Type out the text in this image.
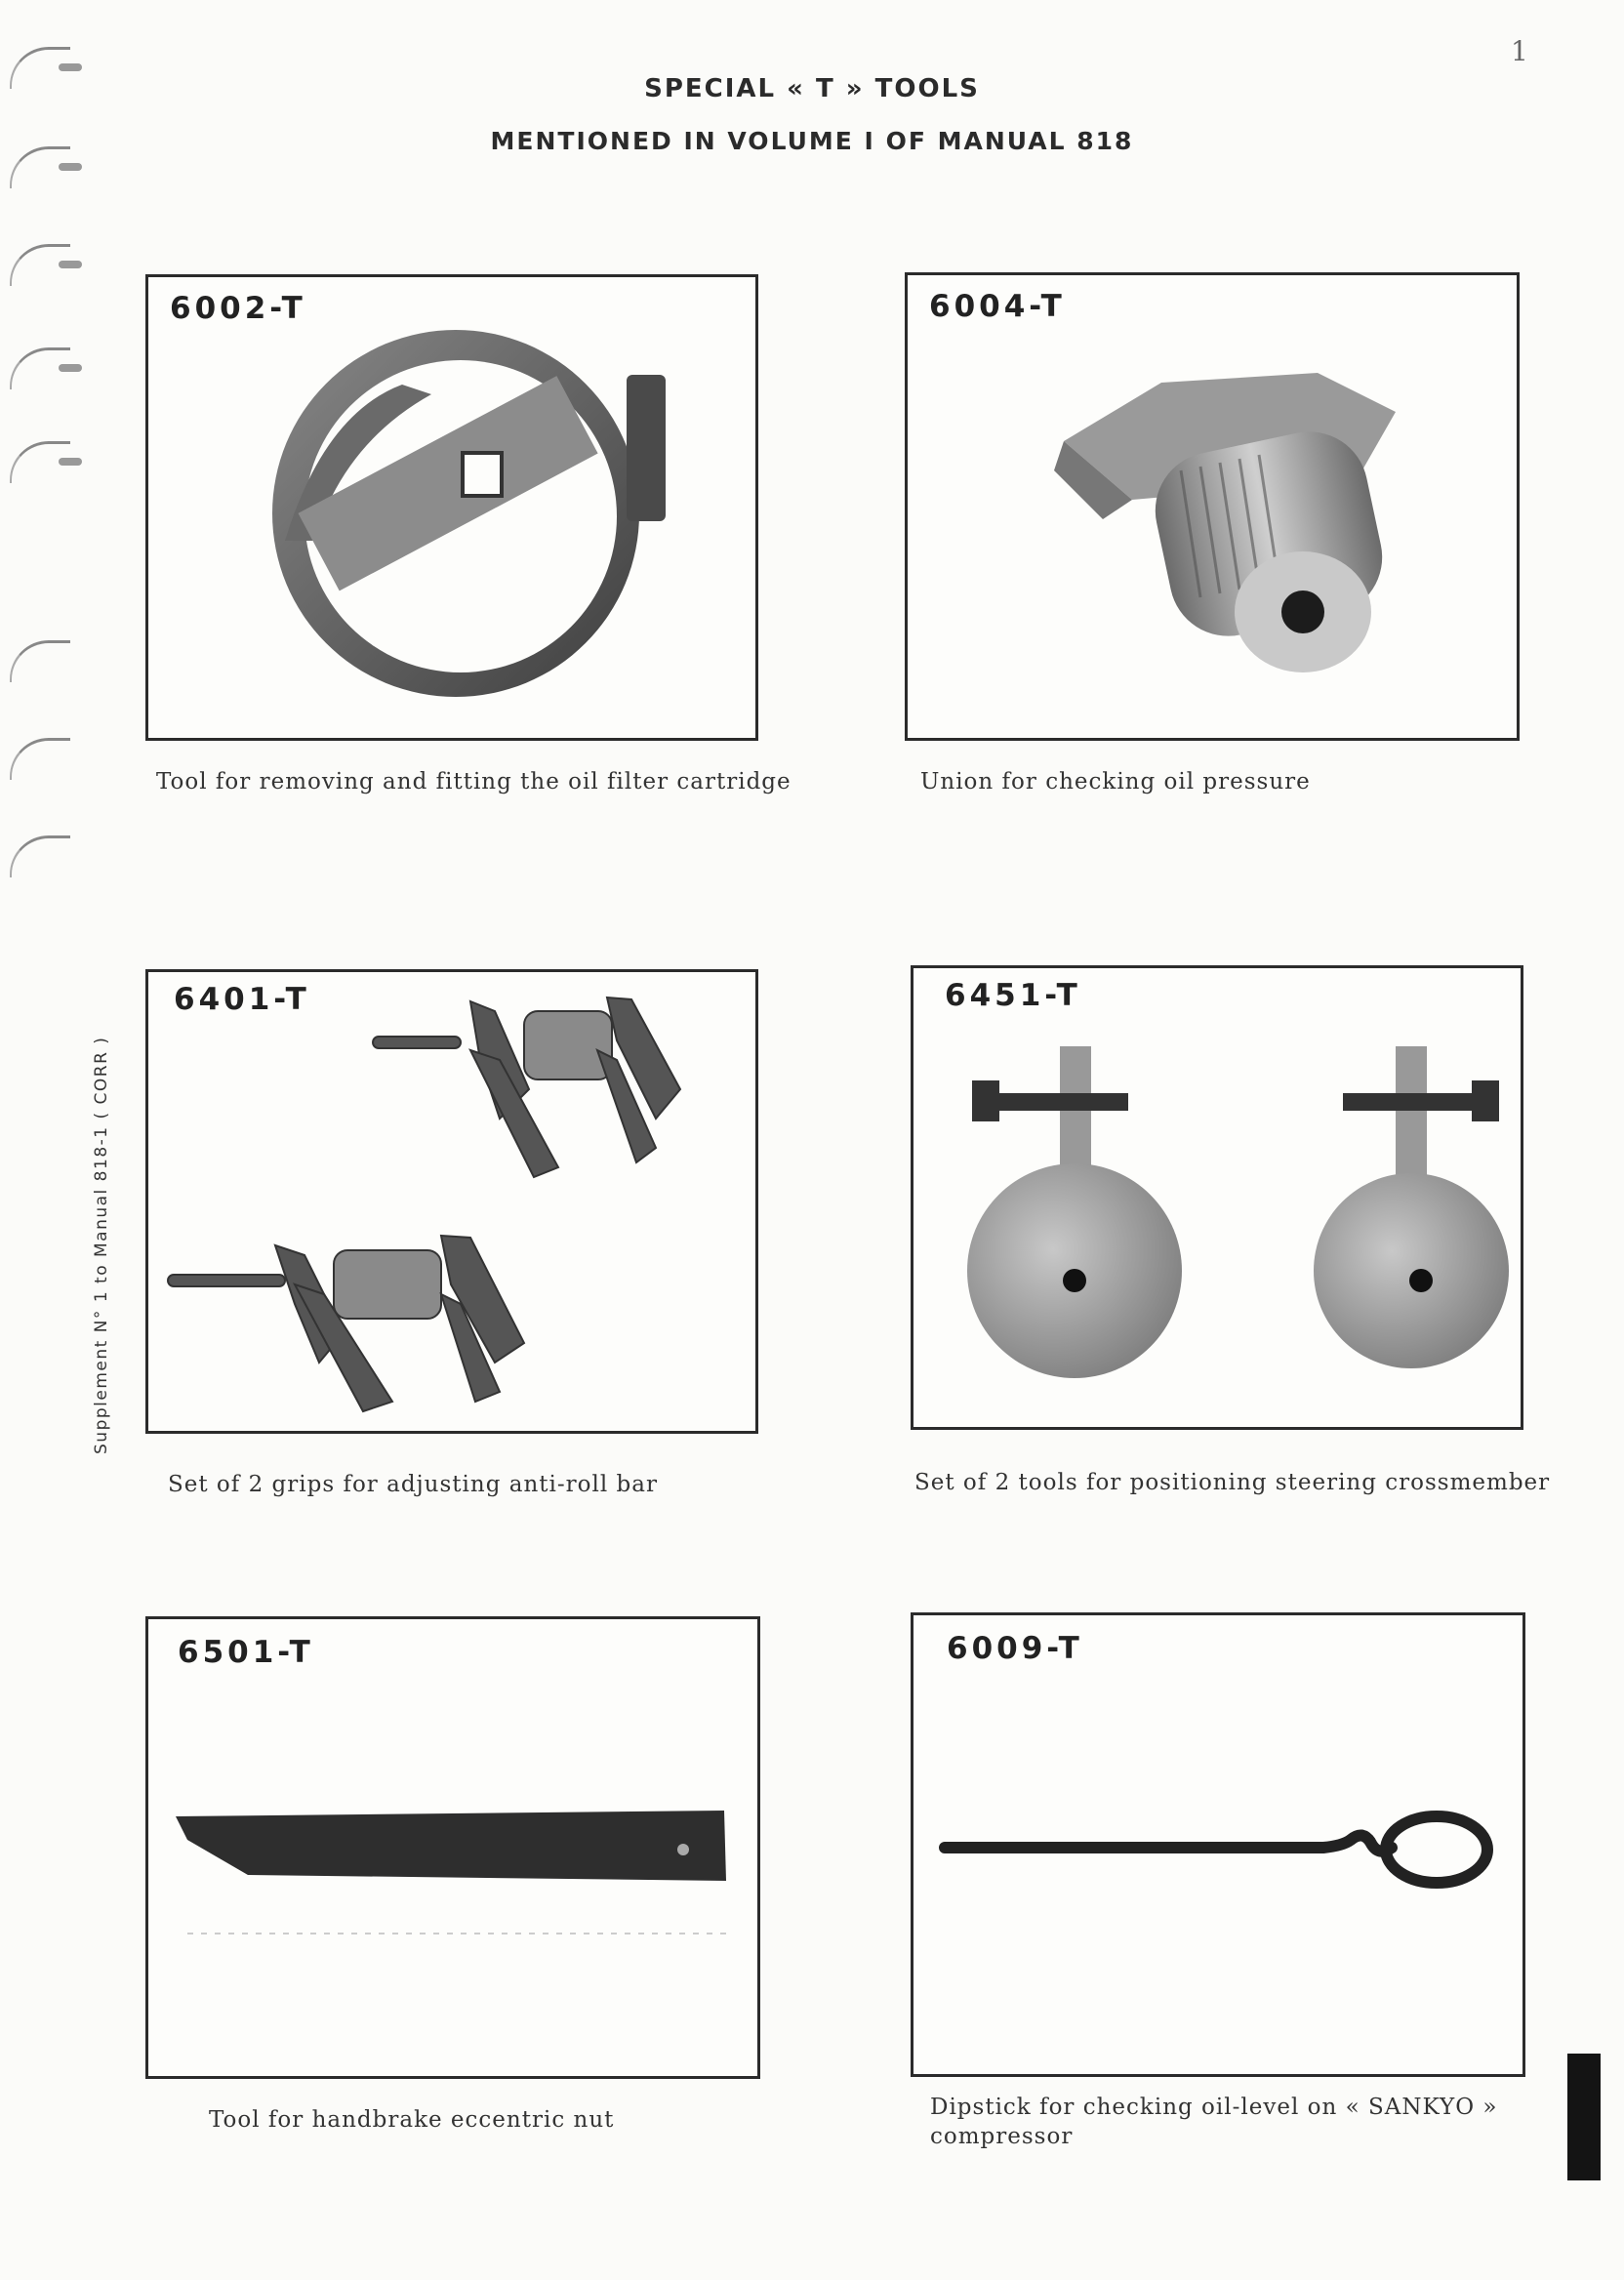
1
SPECIAL « T » TOOLS
MENTIONED IN VOLUME I OF MANUAL 818
Supplement N° 1 to Manual 818-1 ( CORR )
6002-T
Tool for removing and fitting the oil filter cartridge
6004-T
Union for checking oil pressure
6401-T
Set of 2 grips for adjusting anti-roll bar
6451-T
Set of 2 tools for positioning steering crossmember
6501-T
Tool for handbrake eccentric nut
6009-T
Dipstick for checking oil-level on « SANKYO »
compressor
